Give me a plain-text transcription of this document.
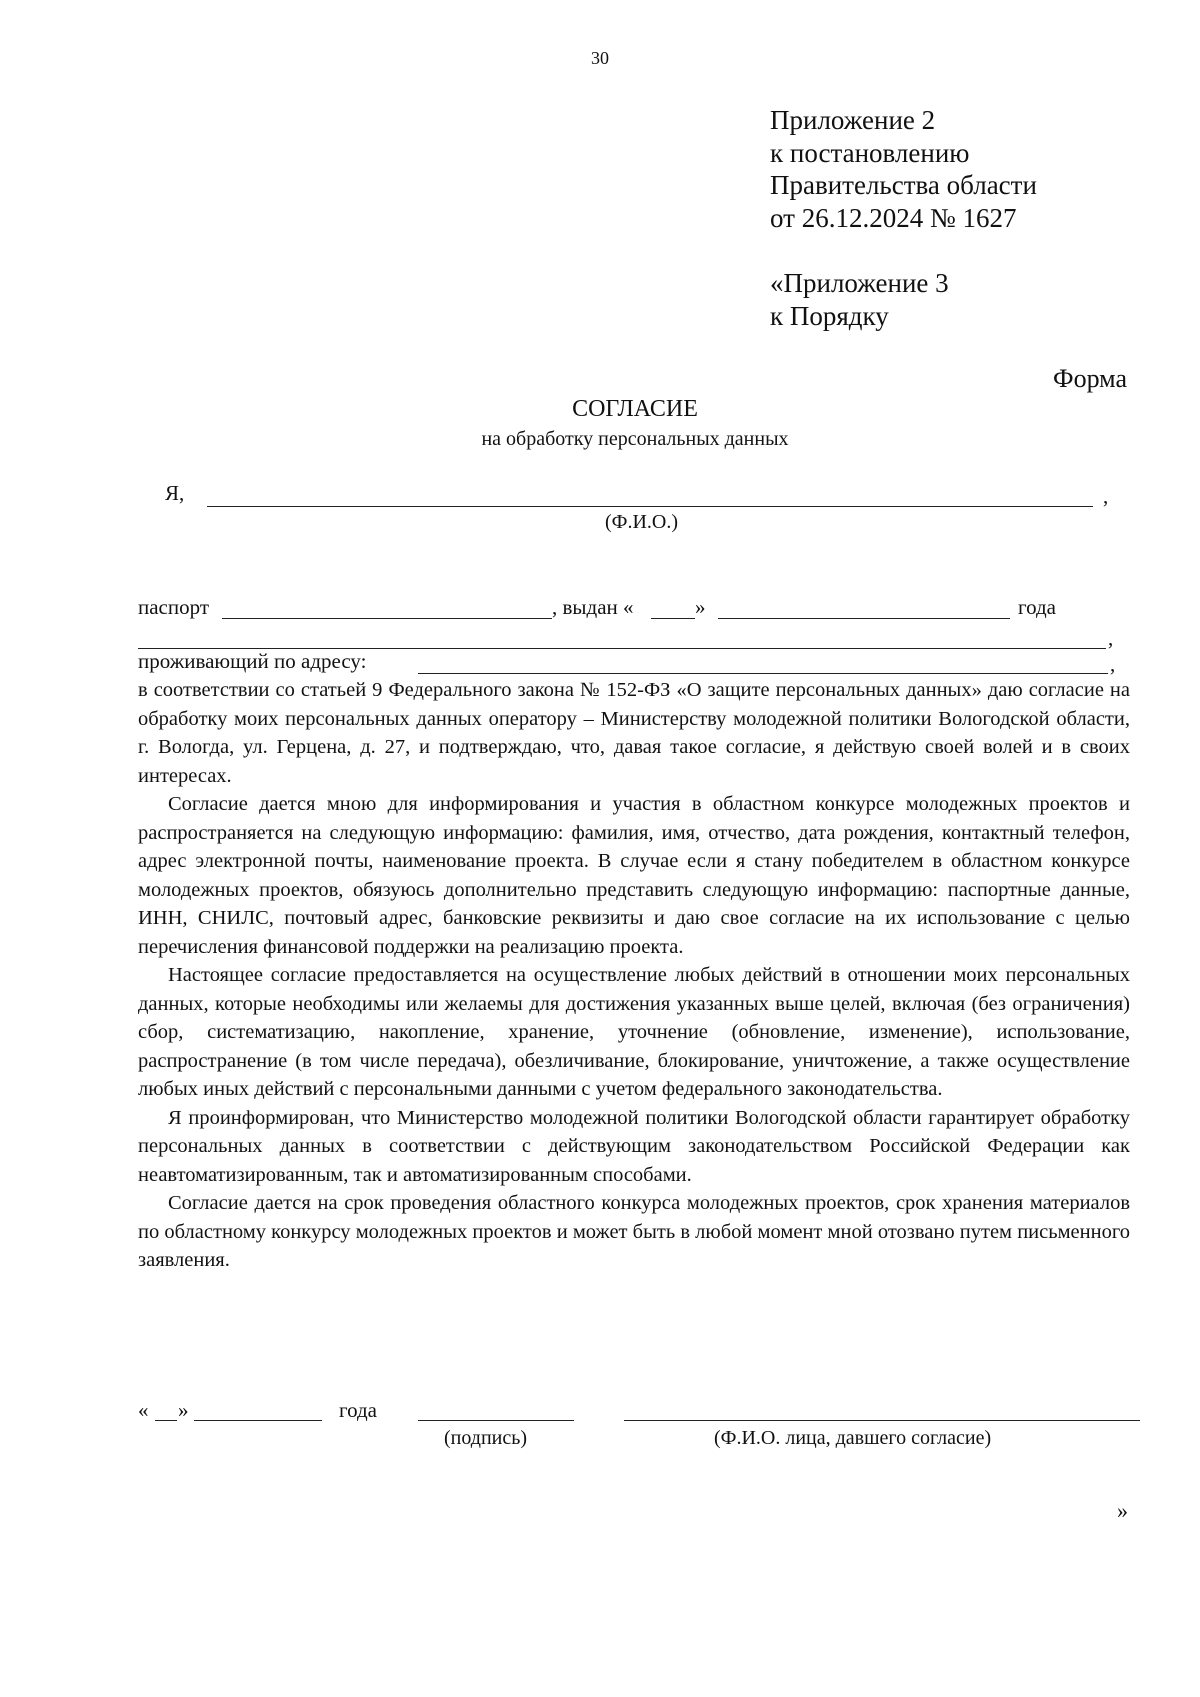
30
Приложение 2
к постановлению
Правительства области
от 26.12.2024 № 1627
«Приложение 3
к Порядку
Форма
СОГЛАСИЕ
на обработку персональных данных
Я,	,
(Ф.И.О.)
паспорт	, выдан «	»	года
,
проживающий по адресу:	,

в соответствии со статьей 9 Федерального закона № 152-ФЗ «О защите персональных данных» даю согласие на обработку моих персональных данных оператору – Министерству молодежной политики Вологодской области, г. Вологда, ул. Герцена, д. 27, и подтверждаю, что, давая такое согласие, я действую своей волей и в своих интересах.

Согласие дается мною для информирования и участия в областном конкурсе молодежных проектов и распространяется на следующую информацию: фамилия, имя, отчество, дата рождения, контактный телефон, адрес электронной почты, наименование проекта. В случае если я стану победителем в областном конкурсе молодежных проектов, обязуюсь дополнительно представить следующую информацию: паспортные данные, ИНН, СНИЛС, почтовый адрес, банковские реквизиты и даю свое согласие на их использование с целью перечисления финансовой поддержки на реализацию проекта.

Настоящее согласие предоставляется на осуществление любых действий в отношении моих персональных данных, которые необходимы или желаемы для достижения указанных выше целей, включая (без ограничения) сбор, систематизацию, накопление, хранение, уточнение (обновление, изменение), использование, распространение (в том числе передача), обезличивание, блокирование, уничтожение, а также осуществление любых иных действий с персональными данными с учетом федерального законодательства.

Я проинформирован, что Министерство молодежной политики Вологодской области гарантирует обработку персональных данных в соответствии с действующим законодательством Российской Федерации как неавтоматизированным, так и автоматизированным способами.

Согласие дается на срок проведения областного конкурса молодежных проектов, срок хранения материалов по областному конкурсу молодежных проектов и может быть в любой момент мной отозвано путем письменного заявления.

« »	года
(подпись)	(Ф.И.О. лица, давшего согласие)
»
